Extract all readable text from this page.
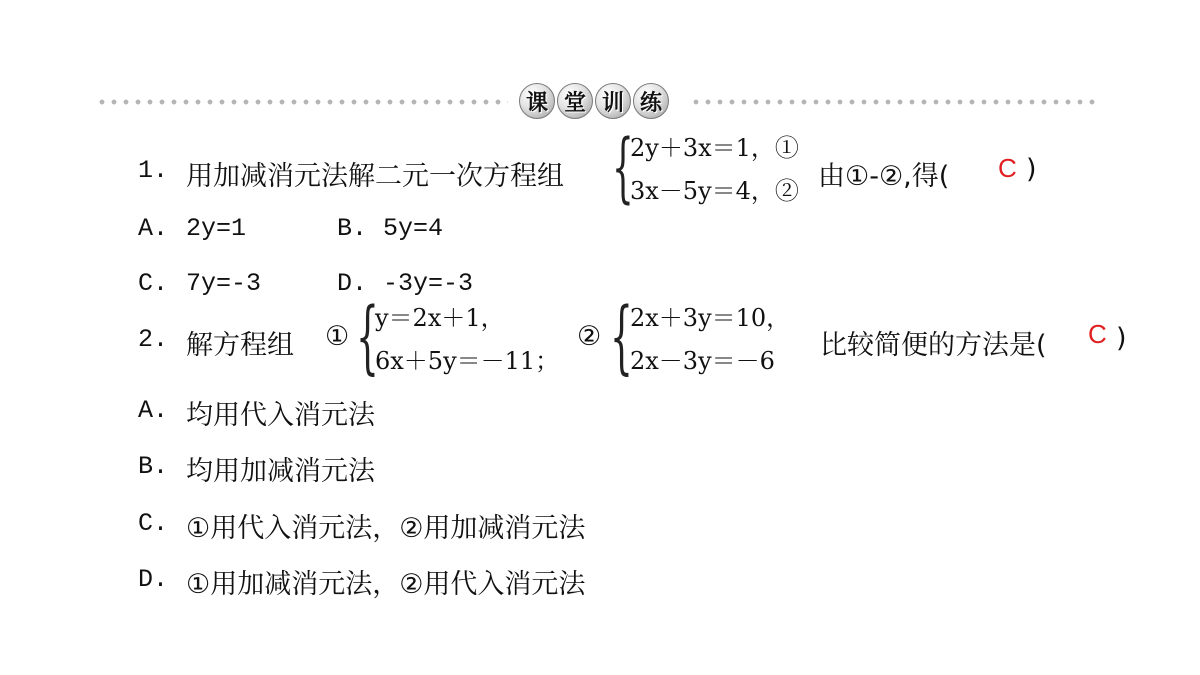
课 堂 训 练
1. 用加减消元法解二元一次方程组 {
2y＋3x＝1，①
3x－5y＝4，② 由①-②,得( C )
A. 2y=1	B. 5y=4
C. 7y=-3	D. -3y=-3
2. 解方程组 ① {
y＝2x＋1，
6x＋5y＝－11；
② {
2x＋3y＝10，
2x－3y＝－6 比较简便的方法是( C )
A. 均用代入消元法
B. 均用加减消元法
C. ①用代入消元法，②用加减消元法
D. ①用加减消元法，②用代入消元法
